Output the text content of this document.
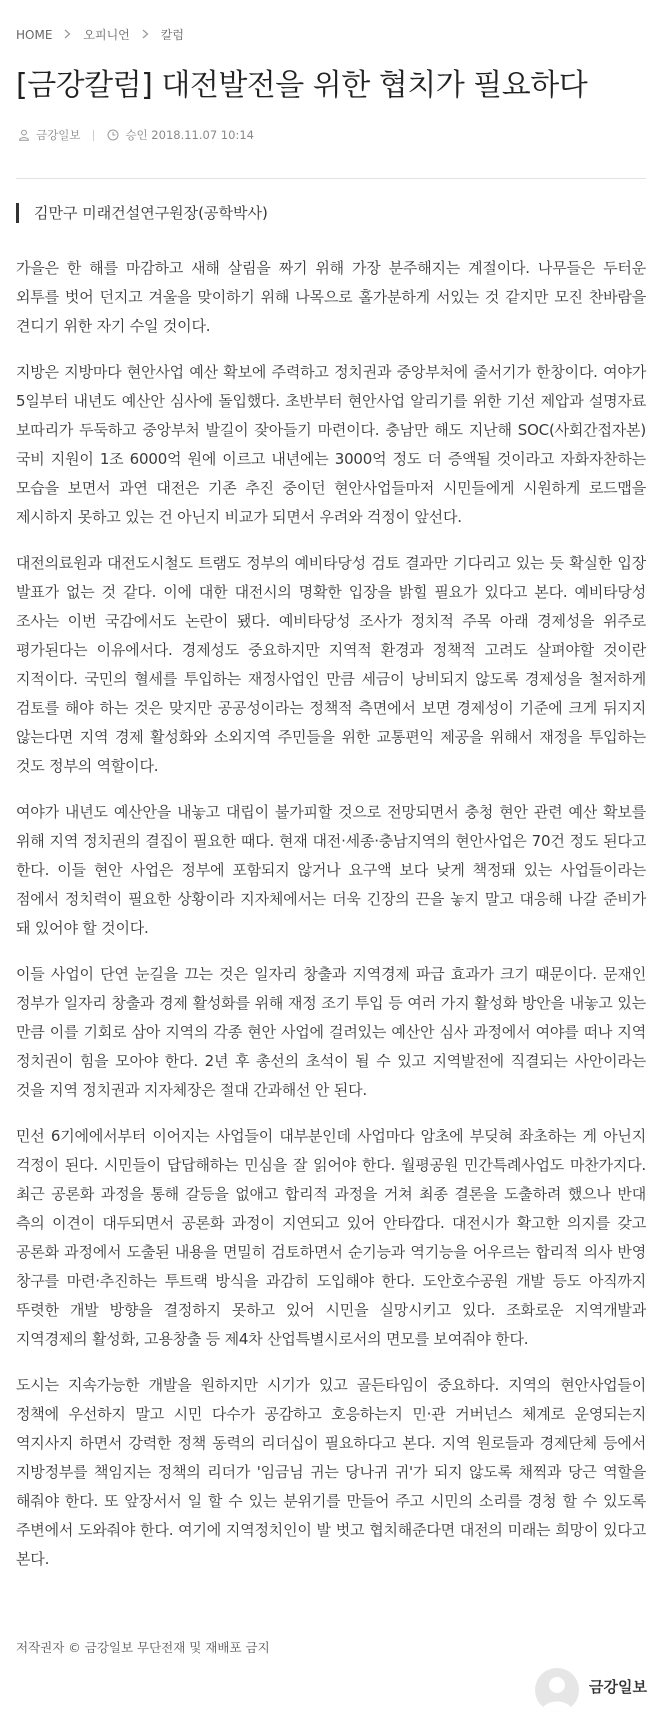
HOME	오피니언	칼럼
[금강칼럼] 대전발전을 위한 협치가 필요하다
금강일보	승인 2018.11.07 10:14
김만구 미래건설연구원장(공학박사)

가을은 한 해를 마감하고 새해 살림을 짜기 위해 가장 분주해지는 계절이다. 나무들은 두터운 외투를 벗어 던지고 겨울을 맞이하기 위해 나목으로 홀가분하게 서있는 것 같지만 모진 찬바람을 견디기 위한 자기 수일 것이다.

지방은 지방마다 현안사업 예산 확보에 주력하고 정치권과 중앙부처에 줄서기가 한창이다. 여야가 5일부터 내년도 예산안 심사에 돌입했다. 초반부터 현안사업 알리기를 위한 기선 제압과 설명자료 보따리가 두둑하고 중앙부처 발길이 잦아들기 마련이다. 충남만 해도 지난해 SOC(사회간접자본) 국비 지원이 1조 6000억 원에 이르고 내년에는 3000억 정도 더 증액될 것이라고 자화자찬하는 모습을 보면서 과연 대전은 기존 추진 중이던 현안사업들마저 시민들에게 시원하게 로드맵을 제시하지 못하고 있는 건 아닌지 비교가 되면서 우려와 걱정이 앞선다.

대전의료원과 대전도시철도 트램도 정부의 예비타당성 검토 결과만 기다리고 있는 듯 확실한 입장 발표가 없는 것 같다. 이에 대한 대전시의 명확한 입장을 밝힐 필요가 있다고 본다. 예비타당성 조사는 이번 국감에서도 논란이 됐다. 예비타당성 조사가 정치적 주목 아래 경제성을 위주로 평가된다는 이유에서다. 경제성도 중요하지만 지역적 환경과 정책적 고려도 살펴야할 것이란 지적이다. 국민의 혈세를 투입하는 재정사업인 만큼 세금이 낭비되지 않도록 경제성을 철저하게 검토를 해야 하는 것은 맞지만 공공성이라는 정책적 측면에서 보면 경제성이 기준에 크게 뒤지지 않는다면 지역 경제 활성화와 소외지역 주민들을 위한 교통편익 제공을 위해서 재정을 투입하는 것도 정부의 역할이다.

여야가 내년도 예산안을 내놓고 대립이 불가피할 것으로 전망되면서 충청 현안 관련 예산 확보를 위해 지역 정치권의 결집이 필요한 때다. 현재 대전·세종·충남지역의 현안사업은 70건 정도 된다고 한다. 이들 현안 사업은 정부에 포함되지 않거나 요구액 보다 낮게 책정돼 있는 사업들이라는 점에서 정치력이 필요한 상황이라 지자체에서는 더욱 긴장의 끈을 놓지 말고 대응해 나갈 준비가 돼 있어야 할 것이다.

이들 사업이 단연 눈길을 끄는 것은 일자리 창출과 지역경제 파급 효과가 크기 때문이다. 문재인 정부가 일자리 창출과 경제 활성화를 위해 재정 조기 투입 등 여러 가지 활성화 방안을 내놓고 있는 만큼 이를 기회로 삼아 지역의 각종 현안 사업에 걸려있는 예산안 심사 과정에서 여야를 떠나 지역 정치권이 힘을 모아야 한다. 2년 후 총선의 초석이 될 수 있고 지역발전에 직결되는 사안이라는 것을 지역 정치권과 지자체장은 절대 간과해선 안 된다.

민선 6기에에서부터 이어지는 사업들이 대부분인데 사업마다 암초에 부딪혀 좌초하는 게 아닌지 걱정이 된다. 시민들이 답답해하는 민심을 잘 읽어야 한다. 월평공원 민간특례사업도 마찬가지다. 최근 공론화 과정을 통해 갈등을 없애고 합리적 과정을 거쳐 최종 결론을 도출하려 했으나 반대 측의 이견이 대두되면서 공론화 과정이 지연되고 있어 안타깝다. 대전시가 확고한 의지를 갖고 공론화 과정에서 도출된 내용을 면밀히 검토하면서 순기능과 역기능을 어우르는 합리적 의사 반영 창구를 마련·추진하는 투트랙 방식을 과감히 도입해야 한다. 도안호수공원 개발 등도 아직까지 뚜렷한 개발 방향을 결정하지 못하고 있어 시민을 실망시키고 있다. 조화로운 지역개발과 지역경제의 활성화, 고용창출 등 제4차 산업특별시로서의 면모를 보여줘야 한다.

도시는 지속가능한 개발을 원하지만 시기가 있고 골든타임이 중요하다. 지역의 현안사업들이 정책에 우선하지 말고 시민 다수가 공감하고 호응하는지 민·관 거버넌스 체계로 운영되는지 역지사지 하면서 강력한 정책 동력의 리더십이 필요하다고 본다. 지역 원로들과 경제단체 등에서 지방정부를 책임지는 정책의 리더가 '임금님 귀는 당나귀 귀'가 되지 않도록 채찍과 당근 역할을 해줘야 한다. 또 앞장서서 일 할 수 있는 분위기를 만들어 주고 시민의 소리를 경청 할 수 있도록 주변에서 도와줘야 한다. 여기에 지역정치인이 발 벗고 협치해준다면 대전의 미래는 희망이 있다고 본다.

저작권자 © 금강일보 무단전재 및 재배포 금지
금강일보
